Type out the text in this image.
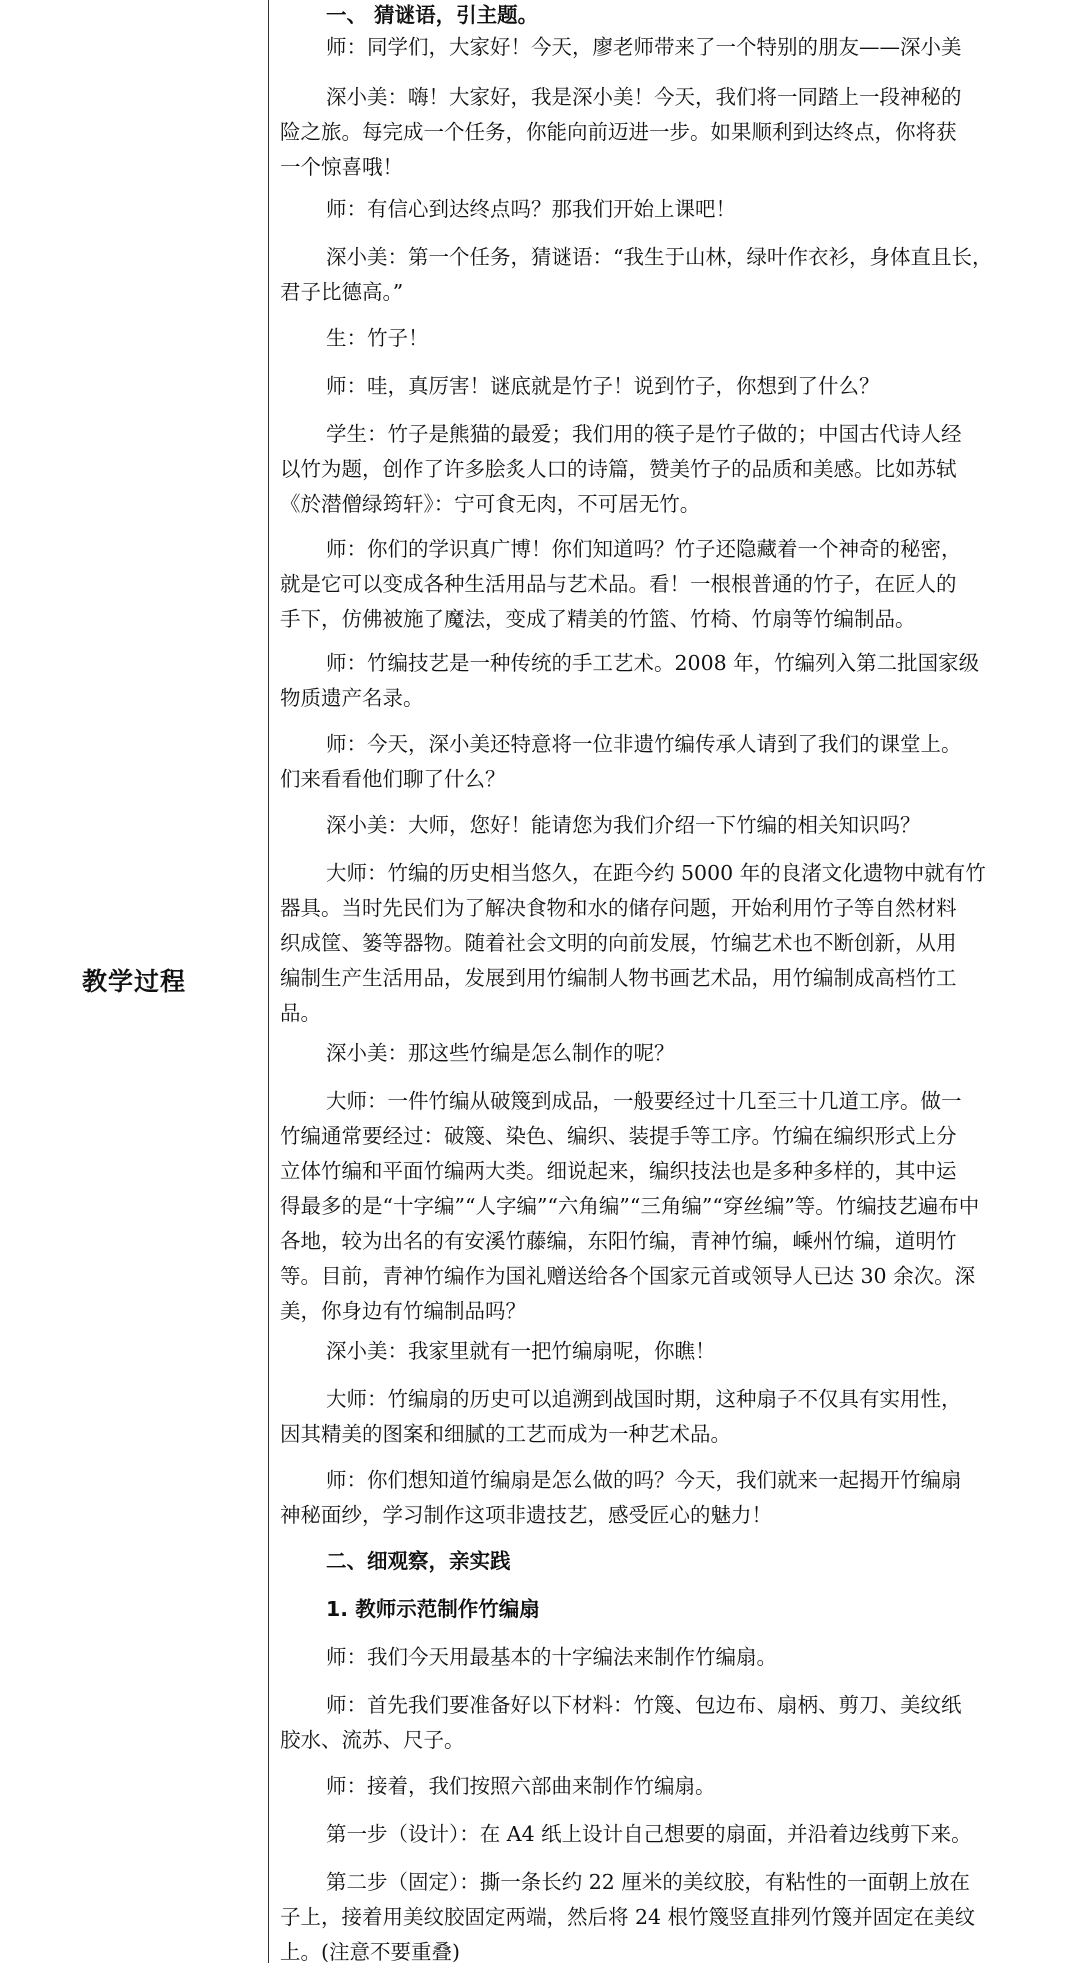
教学过程
一、 猜谜语，引主题。
师：同学们，大家好！今天，廖老师带来了一个特别的朋友——深小美
深小美：嗨！大家好，我是深小美！今天，我们将一同踏上一段神秘的
险之旅。每完成一个任务，你能向前迈进一步。如果顺利到达终点，你将获
一个惊喜哦！
师：有信心到达终点吗？那我们开始上课吧！
深小美：第一个任务，猜谜语：“我生于山林，绿叶作衣衫，身体直且长，
君子比德高。”
生：竹子！
师：哇，真厉害！谜底就是竹子！说到竹子，你想到了什么？
学生：竹子是熊猫的最爱；我们用的筷子是竹子做的；中国古代诗人经
以竹为题，创作了许多脍炙人口的诗篇，赞美竹子的品质和美感。比如苏轼
《於潜僧绿筠轩》：宁可食无肉，不可居无竹。
师：你们的学识真广博！你们知道吗？竹子还隐藏着一个神奇的秘密，
就是它可以变成各种生活用品与艺术品。看！一根根普通的竹子，在匠人的
手下，仿佛被施了魔法，变成了精美的竹篮、竹椅、竹扇等竹编制品。
师：竹编技艺是一种传统的手工艺术。2008 年，竹编列入第二批国家级
物质遗产名录。
师：今天，深小美还特意将一位非遗竹编传承人请到了我们的课堂上。
们来看看他们聊了什么？
深小美：大师，您好！能请您为我们介绍一下竹编的相关知识吗？
大师：竹编的历史相当悠久，在距今约 5000 年的良渚文化遗物中就有竹
器具。当时先民们为了解决食物和水的储存问题，开始利用竹子等自然材料
织成筐、篓等器物。随着社会文明的向前发展，竹编艺术也不断创新，从用
编制生产生活用品，发展到用竹编制人物书画艺术品，用竹编制成高档竹工
品。
深小美：那这些竹编是怎么制作的呢？
大师：一件竹编从破篾到成品，一般要经过十几至三十几道工序。做一
竹编通常要经过：破篾、染色、编织、装提手等工序。竹编在编织形式上分
立体竹编和平面竹编两大类。细说起来，编织技法也是多种多样的，其中运
得最多的是“十字编”“人字编”“六角编”“三角编”“穿丝编”等。竹编技艺遍布中
各地，较为出名的有安溪竹藤编，东阳竹编，青神竹编，嵊州竹编，道明竹
等。目前，青神竹编作为国礼赠送给各个国家元首或领导人已达 30 余次。深
美，你身边有竹编制品吗？
深小美：我家里就有一把竹编扇呢，你瞧！
大师：竹编扇的历史可以追溯到战国时期，这种扇子不仅具有实用性，
因其精美的图案和细腻的工艺而成为一种艺术品。
师：你们想知道竹编扇是怎么做的吗？今天，我们就来一起揭开竹编扇
神秘面纱，学习制作这项非遗技艺，感受匠心的魅力！
二、细观察，亲实践
1. 教师示范制作竹编扇
师：我们今天用最基本的十字编法来制作竹编扇。
师：首先我们要准备好以下材料：竹篾、包边布、扇柄、剪刀、美纹纸
胶水、流苏、尺子。
师：接着，我们按照六部曲来制作竹编扇。
第一步（设计）：在 A4 纸上设计自己想要的扇面，并沿着边线剪下来。
第二步（固定）：撕一条长约 22 厘米的美纹胶，有粘性的一面朝上放在
子上，接着用美纹胶固定两端，然后将 24 根竹篾竖直排列竹篾并固定在美纹
上。(注意不要重叠)
